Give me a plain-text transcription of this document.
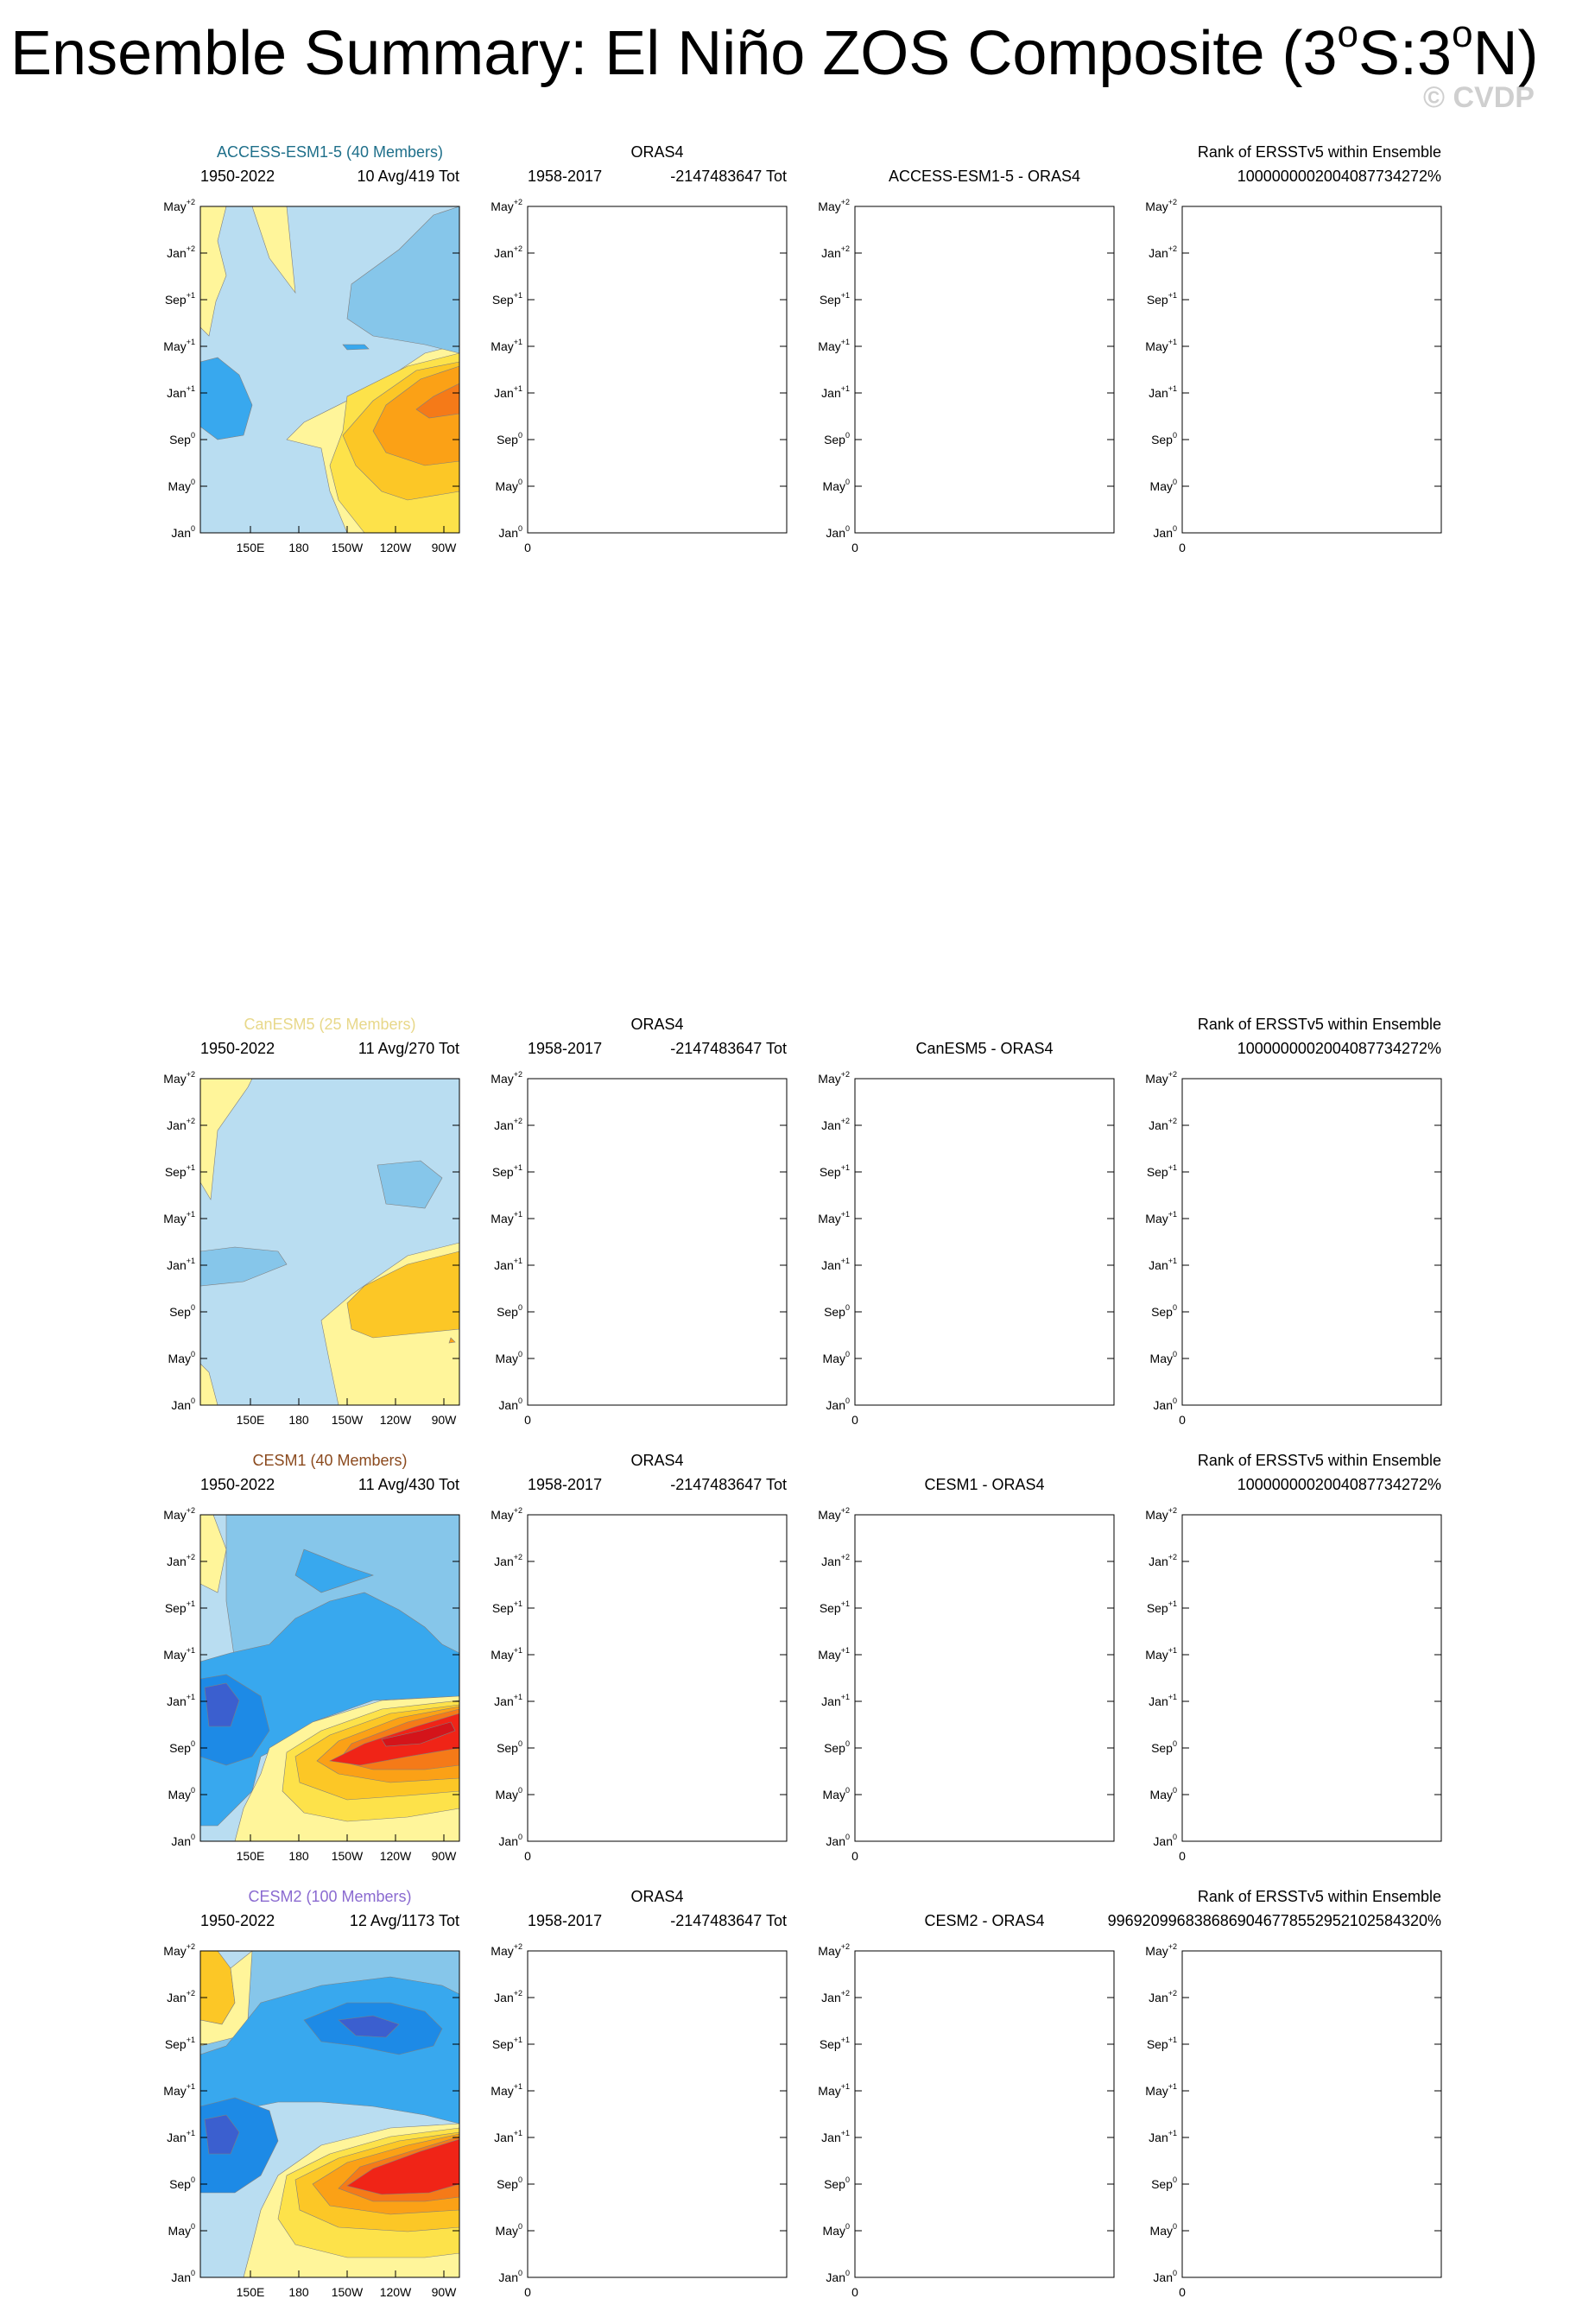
Ensemble Summary: El Niño ZOS Composite (3$^o$S:3$^o$N)
© CVDP
May$^{+2}$
Jan$^{+2}$
Sep$^{+1}$
May$^{+1}$
Jan$^{+1}$
Sep$^0$
May$^0$
Jan$^0$
150E 180 150W 120W 90W
ACCESS-ESM1-5 (40 Members)
1950-2022	10 Avg/419 Tot
May$^{+2}$
Jan$^{+2}$
Sep$^{+1}$
May$^{+1}$
Jan$^{+1}$
Sep$^0$
May$^0$
Jan$^0$
0
ORAS4
1958-2017	-2147483647 Tot
May$^{+2}$
Jan$^{+2}$
Sep$^{+1}$
May$^{+1}$
Jan$^{+1}$
Sep$^0$
May$^0$
Jan$^0$
0
ACCESS-ESM1-5 - ORAS4
May$^{+2}$
Jan$^{+2}$
Sep$^{+1}$
May$^{+1}$
Jan$^{+1}$
Sep$^0$
May$^0$
Jan$^0$
0
Rank of ERSSTv5 within Ensemble
1000000002004087734272%
May$^{+2}$
Jan$^{+2}$
Sep$^{+1}$
May$^{+1}$
Jan$^{+1}$
Sep$^0$
May$^0$
Jan$^0$
150E 180 150W 120W 90W
CanESM5 (25 Members)
1950-2022	11 Avg/270 Tot
May$^{+2}$
Jan$^{+2}$
Sep$^{+1}$
May$^{+1}$
Jan$^{+1}$
Sep$^0$
May$^0$
Jan$^0$
0
ORAS4
1958-2017	-2147483647 Tot
May$^{+2}$
Jan$^{+2}$
Sep$^{+1}$
May$^{+1}$
Jan$^{+1}$
Sep$^0$
May$^0$
Jan$^0$
0
CanESM5 - ORAS4
May$^{+2}$
Jan$^{+2}$
Sep$^{+1}$
May$^{+1}$
Jan$^{+1}$
Sep$^0$
May$^0$
Jan$^0$
0
Rank of ERSSTv5 within Ensemble
1000000002004087734272%
May$^{+2}$
Jan$^{+2}$
Sep$^{+1}$
May$^{+1}$
Jan$^{+1}$
Sep$^0$
May$^0$
Jan$^0$
150E 180 150W 120W 90W
CESM1 (40 Members)
1950-2022	11 Avg/430 Tot
May$^{+2}$
Jan$^{+2}$
Sep$^{+1}$
May$^{+1}$
Jan$^{+1}$
Sep$^0$
May$^0$
Jan$^0$
0
ORAS4
1958-2017	-2147483647 Tot
May$^{+2}$
Jan$^{+2}$
Sep$^{+1}$
May$^{+1}$
Jan$^{+1}$
Sep$^0$
May$^0$
Jan$^0$
0
CESM1 - ORAS4
May$^{+2}$
Jan$^{+2}$
Sep$^{+1}$
May$^{+1}$
Jan$^{+1}$
Sep$^0$
May$^0$
Jan$^0$
0
Rank of ERSSTv5 within Ensemble
1000000002004087734272%
May$^{+2}$
Jan$^{+2}$
Sep$^{+1}$
May$^{+1}$
Jan$^{+1}$
Sep$^0$
May$^0$
Jan$^0$
150E 180 150W 120W 90W
CESM2 (100 Members)
1950-2022	12 Avg/1173 Tot
May$^{+2}$
Jan$^{+2}$
Sep$^{+1}$
May$^{+1}$
Jan$^{+1}$
Sep$^0$
May$^0$
Jan$^0$
0
ORAS4
1958-2017	-2147483647 Tot
May$^{+2}$
Jan$^{+2}$
Sep$^{+1}$
May$^{+1}$
Jan$^{+1}$
Sep$^0$
May$^0$
Jan$^0$
0
CESM2 - ORAS4
May$^{+2}$
Jan$^{+2}$
Sep$^{+1}$
May$^{+1}$
Jan$^{+1}$
Sep$^0$
May$^0$
Jan$^0$
0
Rank of ERSSTv5 within Ensemble
9969209968386869046778552952102584320%
